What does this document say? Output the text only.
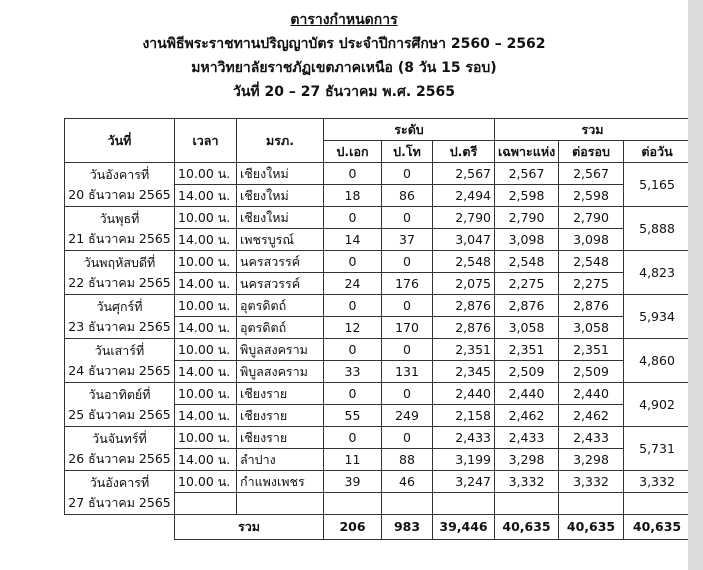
ตารางกำหนดการ
งานพิธีพระราชทานปริญญาบัตร ประจำปีการศึกษา 2560 – 2562
มหาวิทยาลัยราชภัฏเขตภาคเหนือ (8 วัน 15 รอบ)
วันที่ 20 – 27 ธันวาคม พ.ศ. 2565
วันที่	เวลา	มรภ.	ระดับ			รวม		
			ป.เอก	ป.โท	ป.ตรี	เฉพาะแห่ง	ต่อรอบ	ต่อวัน

วันอังคารที่
20 ธันวาคม 2565	10.00 น.	เชียงใหม่	0	0	2,567	2,567	2,567	5,165
	14.00 น.	เชียงใหม่	18	86	2,494	2,598	2,598	

วันพุธที่
21 ธันวาคม 2565	10.00 น.	เชียงใหม่	0	0	2,790	2,790	2,790	5,888
	14.00 น.	เพชรบูรณ์	14	37	3,047	3,098	3,098	

วันพฤหัสบดีที่
22 ธันวาคม 2565	10.00 น.	นครสวรรค์	0	0	2,548	2,548	2,548	4,823
	14.00 น.	นครสวรรค์	24	176	2,075	2,275	2,275	

วันศุกร์ที่
23 ธันวาคม 2565	10.00 น.	อุตรดิตถ์	0	0	2,876	2,876	2,876	5,934
	14.00 น.	อุตรดิตถ์	12	170	2,876	3,058	3,058	

วันเสาร์ที่
24 ธันวาคม 2565	10.00 น.	พิบูลสงคราม	0	0	2,351	2,351	2,351	4,860
	14.00 น.	พิบูลสงคราม	33	131	2,345	2,509	2,509	

วันอาทิตย์ที่
25 ธันวาคม 2565	10.00 น.	เชียงราย	0	0	2,440	2,440	2,440	4,902
	14.00 น.	เชียงราย	55	249	2,158	2,462	2,462	

วันจันทร์ที่
26 ธันวาคม 2565	10.00 น.	เชียงราย	0	0	2,433	2,433	2,433	5,731
	14.00 น.	ลำปาง	11	88	3,199	3,298	3,298	

วันอังคารที่
27 ธันวาคม 2565	10.00 น.	กำแพงเพชร	39	46	3,247	3,332	3,332	3,332

	รวม		206	983	39,446	40,635	40,635	40,635
